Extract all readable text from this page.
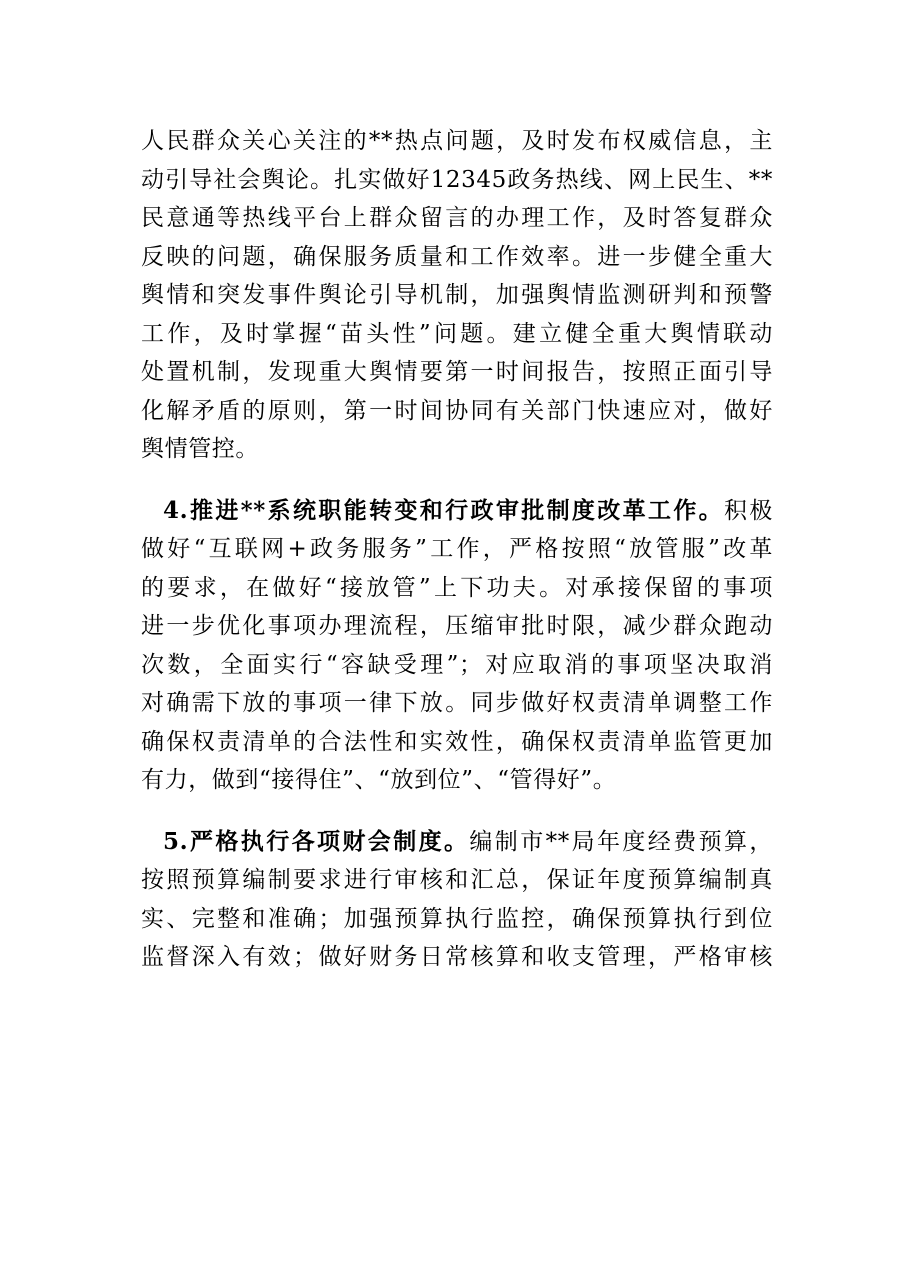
人民群众关心关注的**热点问题，及时发布权威信息，主
动引导社会舆论。扎实做好12345政务热线、网上民生、**
民意通等热线平台上群众留言的办理工作，及时答复群众
反映的问题，确保服务质量和工作效率。进一步健全重大
舆情和突发事件舆论引导机制，加强舆情监测研判和预警
工作，及时掌握“苗头性”问题。建立健全重大舆情联动
处置机制，发现重大舆情要第一时间报告，按照正面引导
化解矛盾的原则，第一时间协同有关部门快速应对，做好
舆情管控。
4.推进**系统职能转变和行政审批制度改革工作。积极
做好“互联网+政务服务”工作，严格按照“放管服”改革
的要求，在做好“接放管”上下功夫。对承接保留的事项
进一步优化事项办理流程，压缩审批时限，减少群众跑动
次数，全面实行“容缺受理”；对应取消的事项坚决取消
对确需下放的事项一律下放。同步做好权责清单调整工作
确保权责清单的合法性和实效性，确保权责清单监管更加
有力，做到“接得住”、“放到位”、“管得好”。
5.严格执行各项财会制度。编制市**局年度经费预算，
按照预算编制要求进行审核和汇总，保证年度预算编制真
实、完整和准确；加强预算执行监控，确保预算执行到位
监督深入有效；做好财务日常核算和收支管理，严格审核
